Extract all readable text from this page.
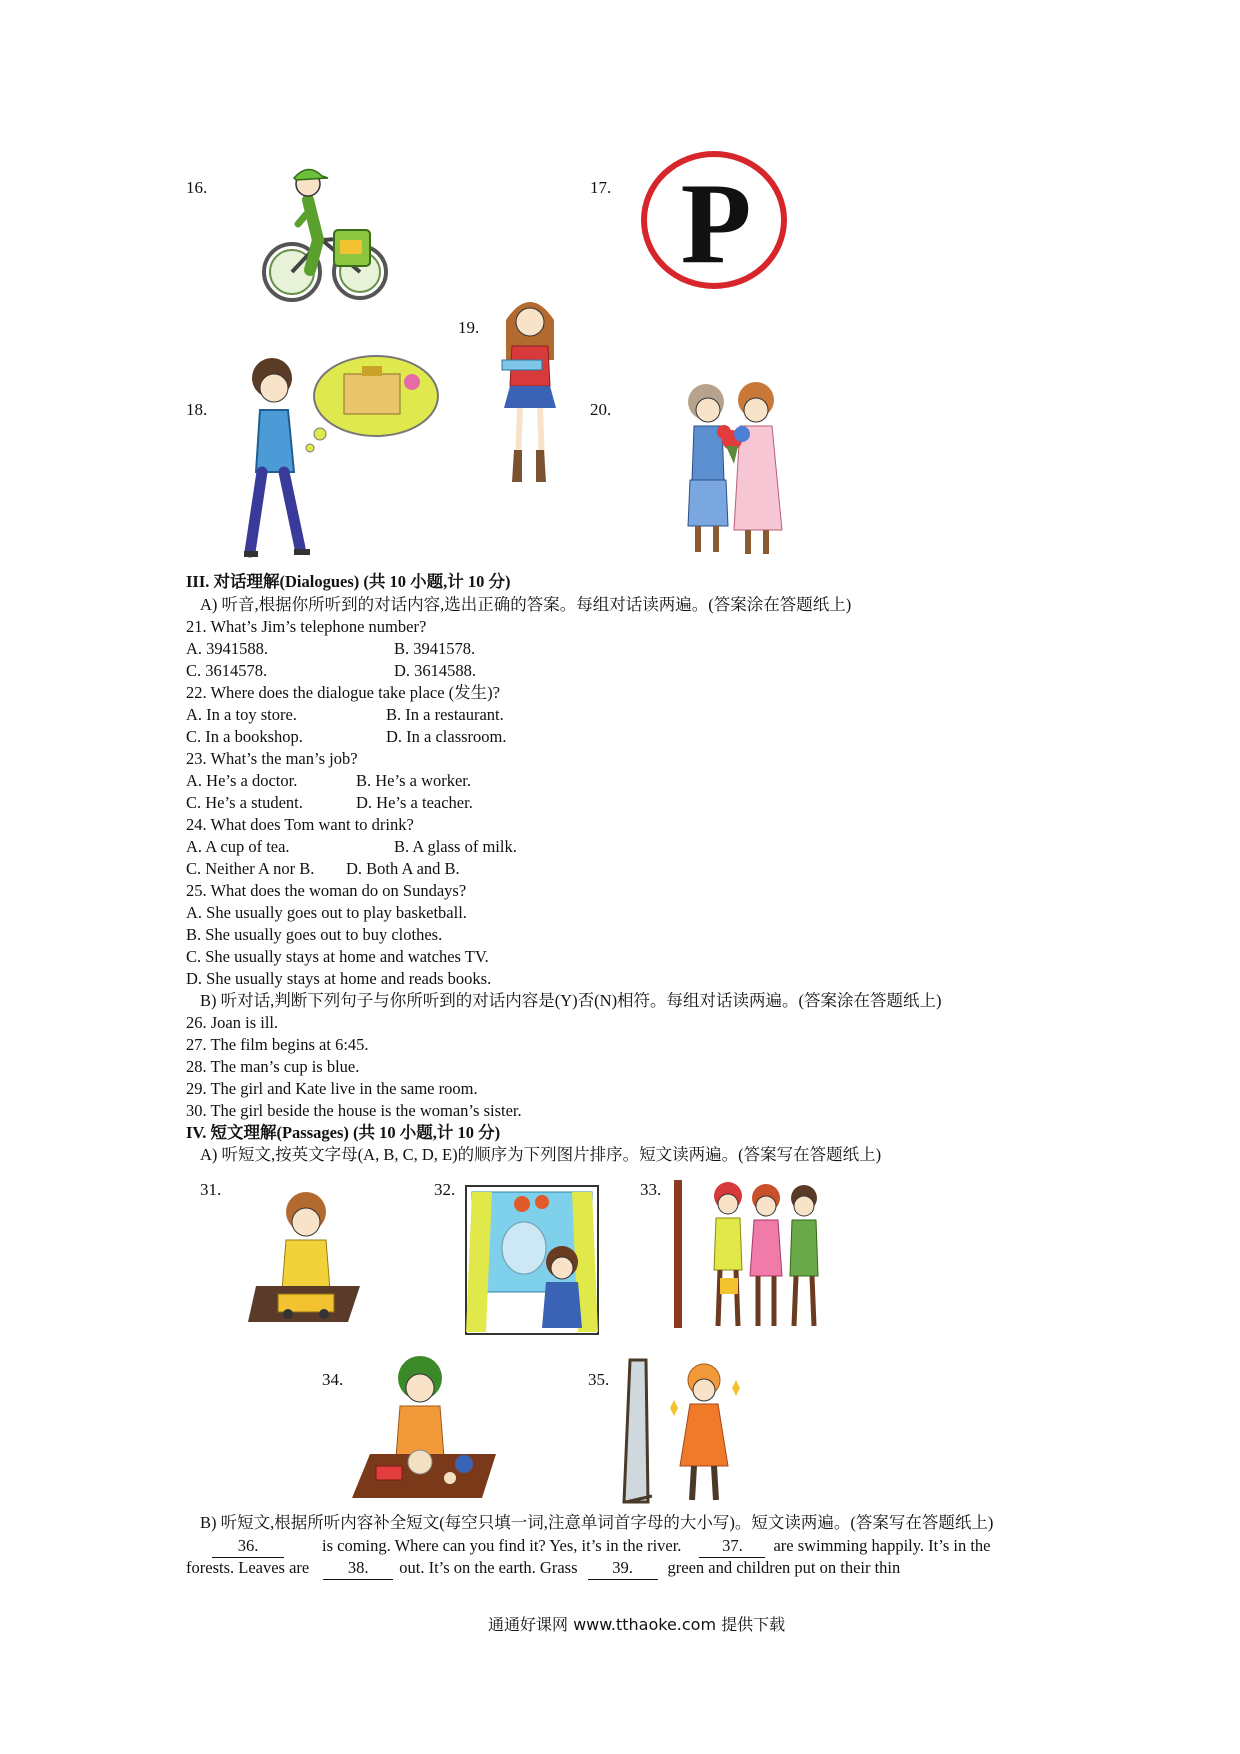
16.	17.
19.
18.	20.
P
III. 对话理解(Dialogues) (共 10 小题,计 10 分)
A) 听音,根据你所听到的对话内容,选出正确的答案。每组对话读两遍。(答案涂在答题纸上)
21. What’s Jim’s telephone number?
A. 3941588.	B. 3941578.
C. 3614578.	D. 3614588.
22. Where does the dialogue take place (发生)?
A. In a toy store.	B. In a restaurant.
C. In a bookshop.	D. In a classroom.
23. What’s the man’s job?
A. He’s a doctor.	B. He’s a worker.
C. He’s a student.	D. He’s a teacher.
24. What does Tom want to drink?
A. A cup of tea.	B. A glass of milk.
C. Neither A nor B. D. Both A and B.
25. What does the woman do on Sundays?
A. She usually goes out to play basketball.
B. She usually goes out to buy clothes.
C. She usually stays at home and watches TV.
D. She usually stays at home and reads books.
B) 听对话,判断下列句子与你所听到的对话内容是(Y)否(N)相符。每组对话读两遍。(答案涂在答题纸上)
26. Joan is ill.
27. The film begins at 6:45.
28. The man’s cup is blue.
29. The girl and Kate live in the same room.
30. The girl beside the house is the woman’s sister.
IV. 短文理解(Passages) (共 10 小题,计 10 分)
A) 听短文,按英文字母(A, B, C, D, E)的顺序为下列图片排序。短文读两遍。(答案写在答题纸上)
31.	32.	33.
34.	35.
B) 听短文,根据所听内容补全短文(每空只填一词,注意单词首字母的大小写)。短文读两遍。(答案写在答题纸上)
36.	is coming. Where can you find it? Yes, it’s in the river. 37. are swimming happily. It’s in the
forests. Leaves are 38. out. It’s on the earth. Grass 39. green and children put on their thin
通通好课网 www.tthaoke.com 提供下载
